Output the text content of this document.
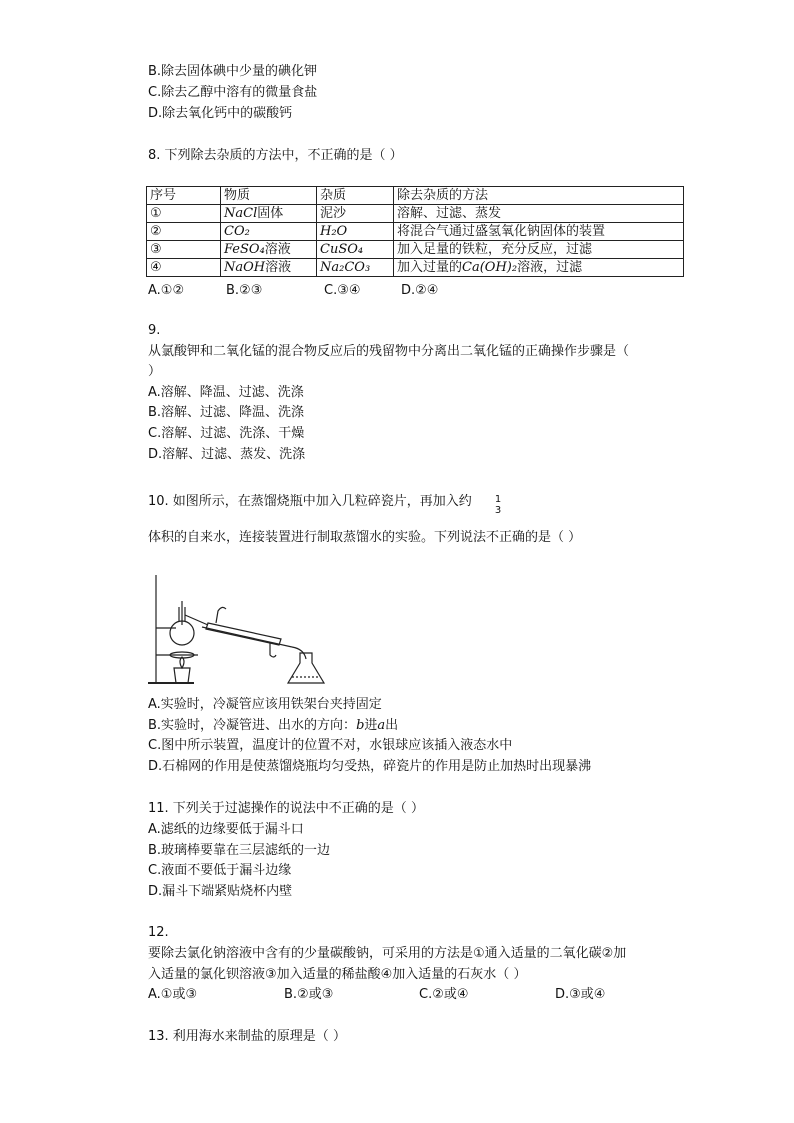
B.除去固体碘中少量的碘化钾
C.除去乙醇中溶有的微量食盐
D.除去氧化钙中的碳酸钙
8. 下列除去杂质的方法中，不正确的是（ ）
序号	物质	杂质	除去杂质的方法
①	NaCl固体	泥沙	溶解、过滤、蒸发
②	CO₂	H₂O	将混合气通过盛氢氧化钠固体的装置
③	FeSO₄溶液	CuSO₄	加入足量的铁粒，充分反应，过滤
④	NaOH溶液	Na₂CO₃	加入过量的Ca(OH)₂溶液，过滤
A.①②	B.②③	C.③④	D.②④
9.
从氯酸钾和二氧化锰的混合物反应后的残留物中分离出二氧化锰的正确操作步骤是（
）
A.溶解、降温、过滤、洗涤
B.溶解、过滤、降温、洗涤
C.溶解、过滤、洗涤、干燥
D.溶解、过滤、蒸发、洗涤
10. 如图所示，在蒸馏烧瓶中加入几粒碎瓷片，再加入约 1
3
体积的自来水，连接装置进行制取蒸馏水的实验。下列说法不正确的是（ ）
A.实验时，冷凝管应该用铁架台夹持固定
B.实验时，冷凝管进、出水的方向：b进a出
C.图中所示装置，温度计的位置不对，水银球应该插入液态水中
D.石棉网的作用是使蒸馏烧瓶均匀受热，碎瓷片的作用是防止加热时出现暴沸
11. 下列关于过滤操作的说法中不正确的是（ ）
A.滤纸的边缘要低于漏斗口
B.玻璃棒要靠在三层滤纸的一边
C.液面不要低于漏斗边缘
D.漏斗下端紧贴烧杯内壁
12.
要除去氯化钠溶液中含有的少量碳酸钠，可采用的方法是①通入适量的二氧化碳②加
入适量的氯化钡溶液③加入适量的稀盐酸④加入适量的石灰水（ ）
A.①或③	B.②或③	C.②或④	D.③或④
13. 利用海水来制盐的原理是（ ）
